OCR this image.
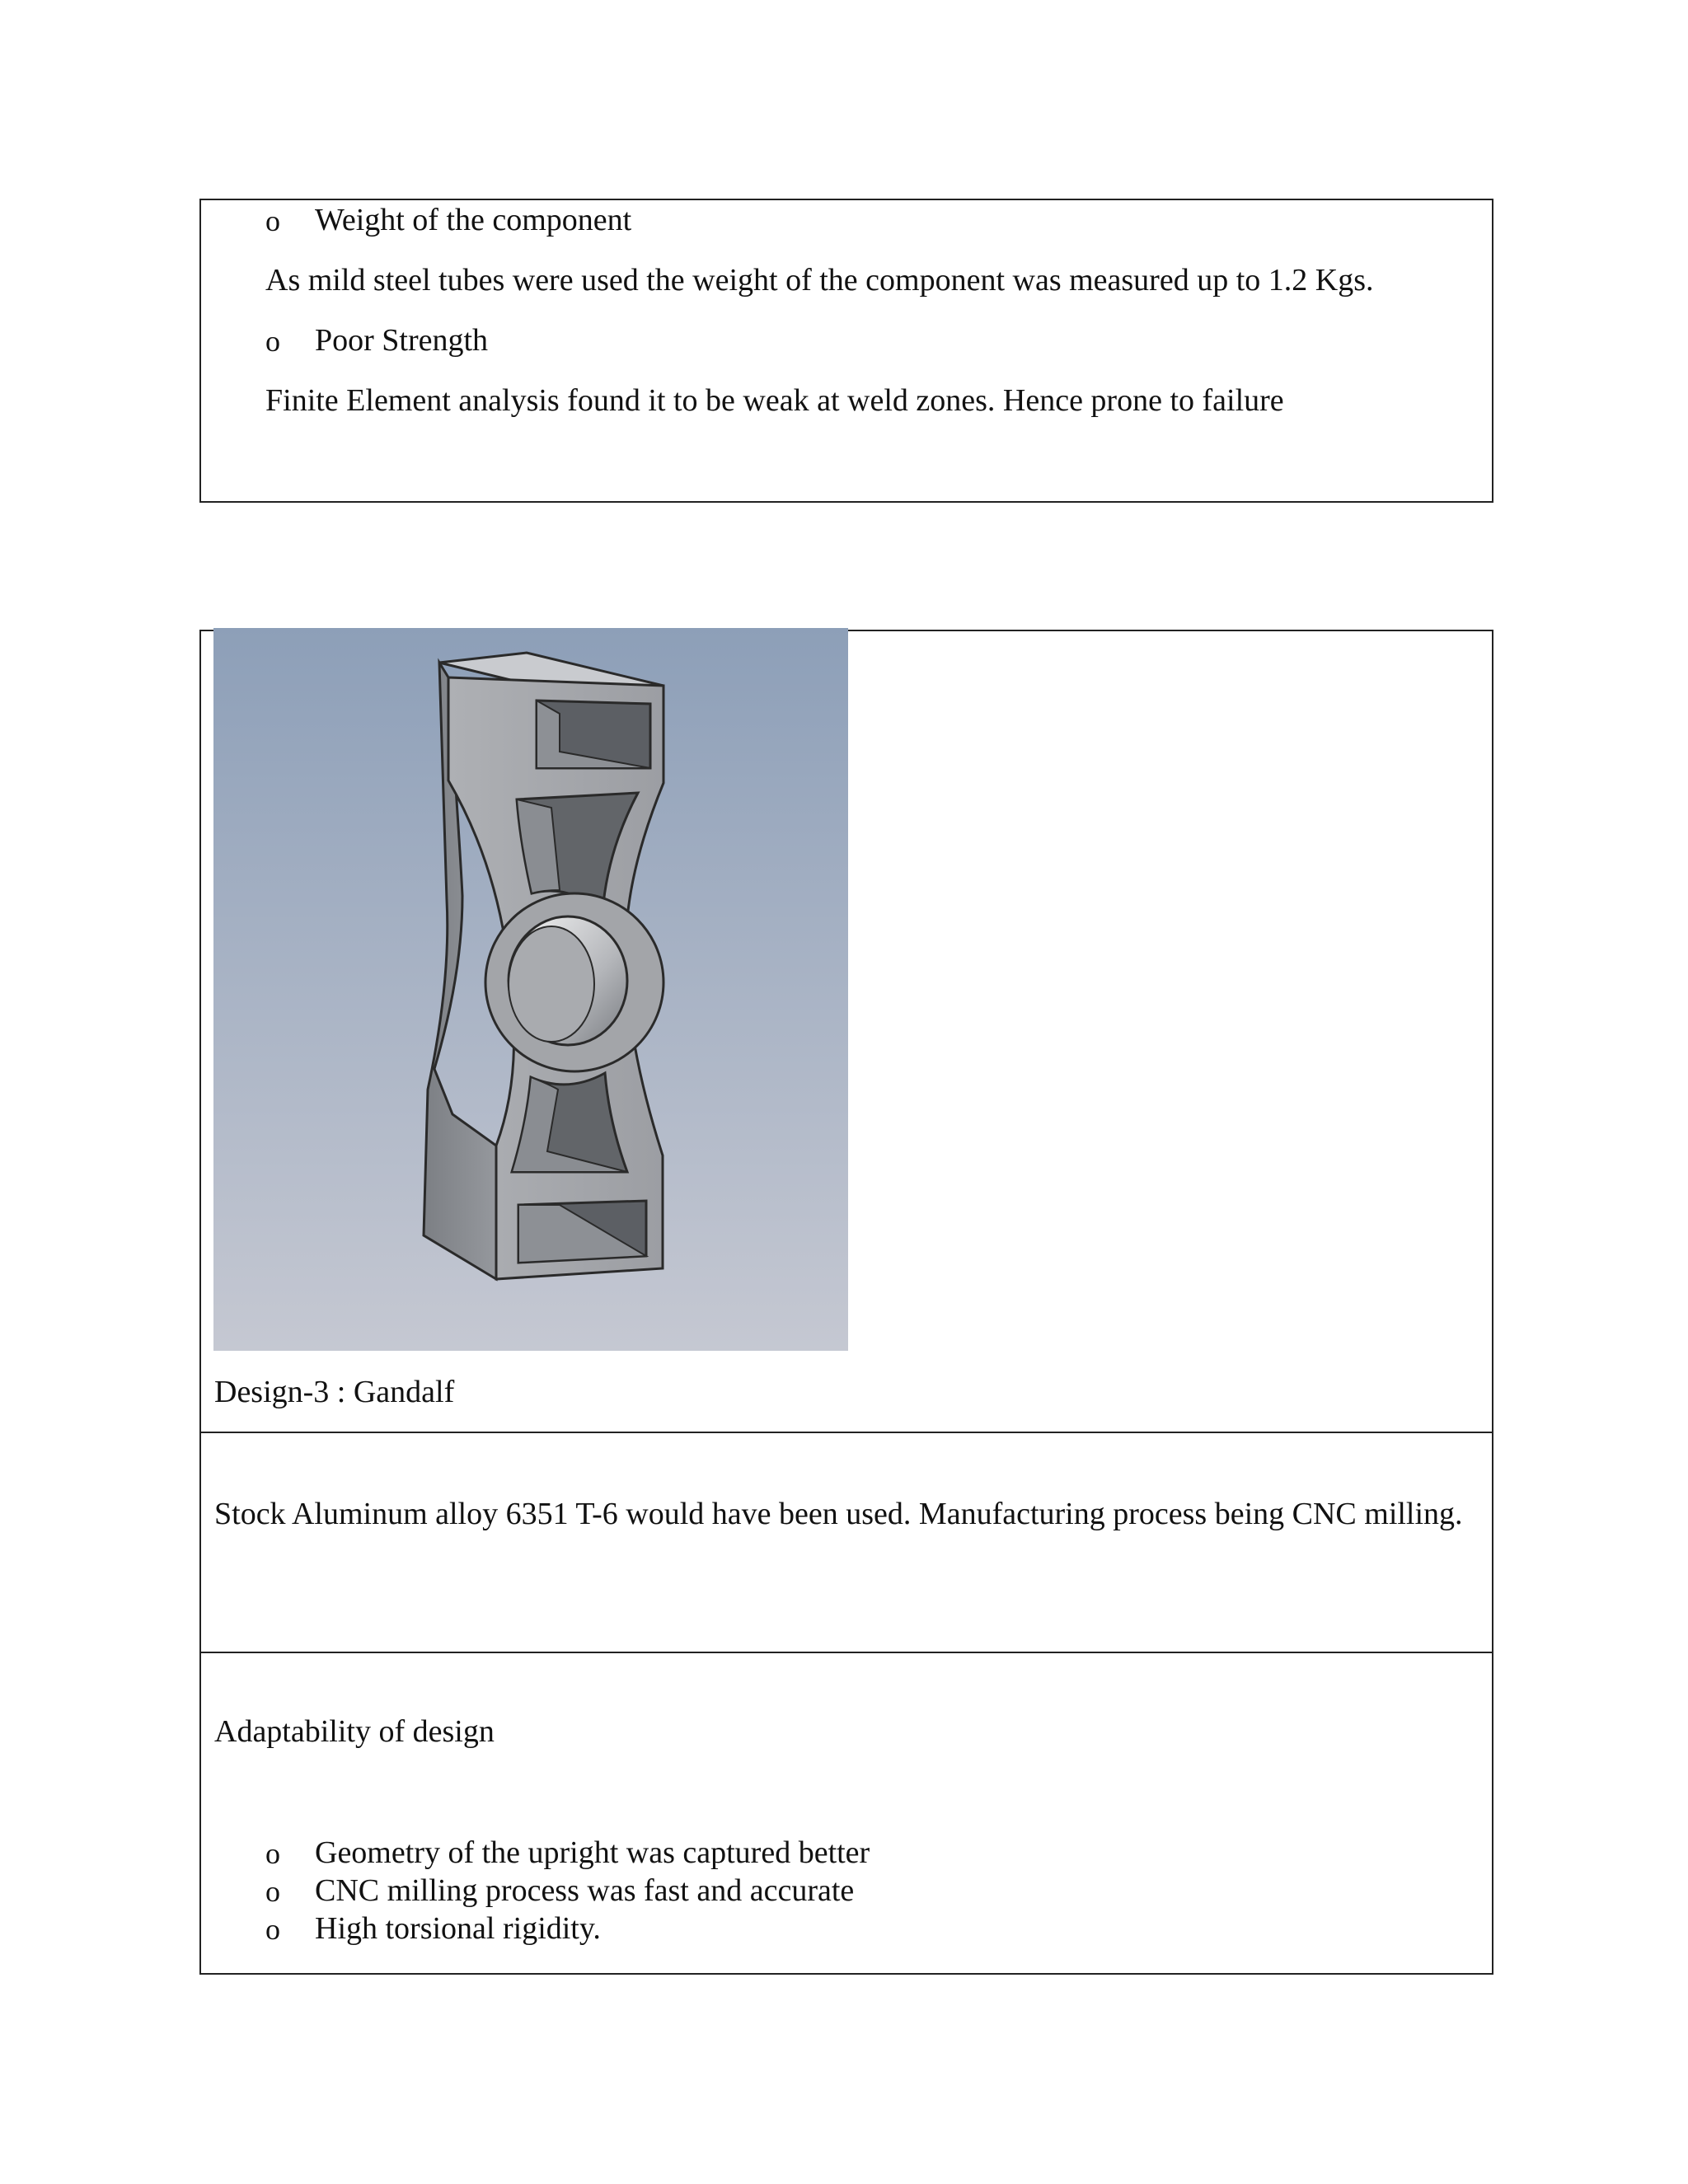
o Weight of the component
As mild steel tubes were used the weight of the component was measured up to 1.2 Kgs.
o Poor Strength
Finite Element analysis found it to be weak at weld zones. Hence prone to failure
Design-3 : Gandalf
Stock Aluminum alloy 6351 T-6 would have been used. Manufacturing process being CNC milling.
Adaptability of design
o Geometry of the upright was captured better
o CNC milling process was fast and accurate
o High torsional rigidity.
